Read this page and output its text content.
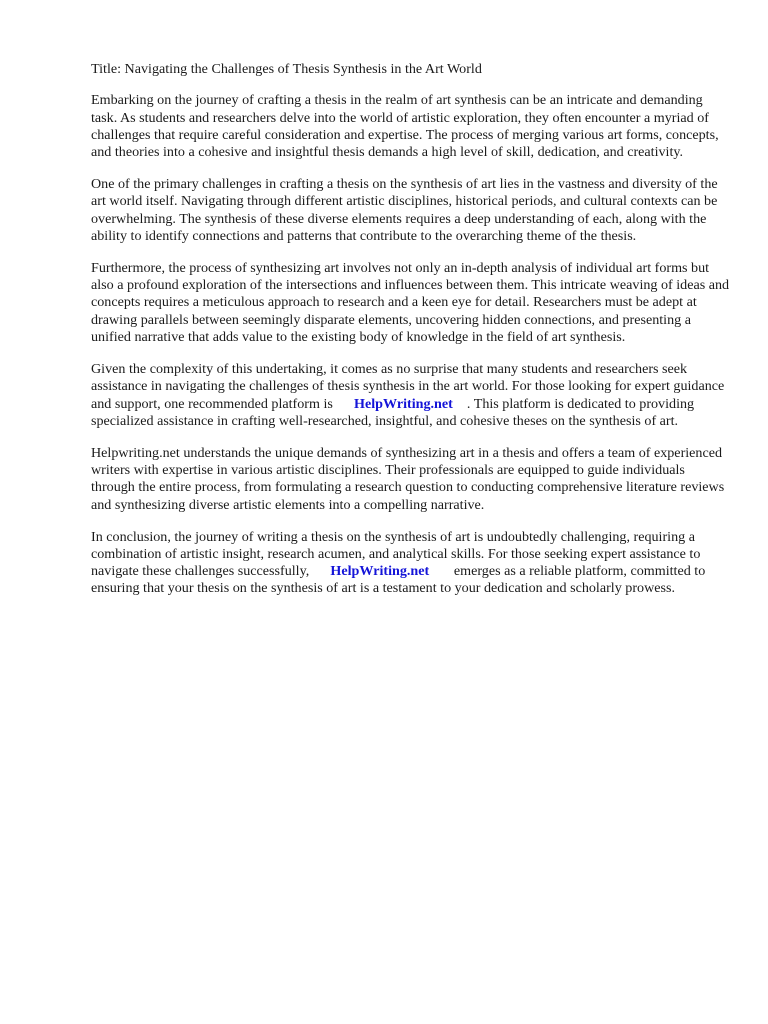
Title: Navigating the Challenges of Thesis Synthesis in the Art World

Embarking on the journey of crafting a thesis in the realm of art synthesis can be an intricate and demanding task. As students and researchers delve into the world of artistic exploration, they often encounter a myriad of challenges that require careful consideration and expertise. The process of merging various art forms, concepts, and theories into a cohesive and insightful thesis demands a high level of skill, dedication, and creativity.

One of the primary challenges in crafting a thesis on the synthesis of art lies in the vastness and diversity of the art world itself. Navigating through different artistic disciplines, historical periods, and cultural contexts can be overwhelming. The synthesis of these diverse elements requires a deep understanding of each, along with the ability to identify connections and patterns that contribute to the overarching theme of the thesis.

Furthermore, the process of synthesizing art involves not only an in-depth analysis of individual art forms but also a profound exploration of the intersections and influences between them. This intricate weaving of ideas and concepts requires a meticulous approach to research and a keen eye for detail. Researchers must be adept at drawing parallels between seemingly disparate elements, uncovering hidden connections, and presenting a unified narrative that adds value to the existing body of knowledge in the field of art synthesis.

Given the complexity of this undertaking, it comes as no surprise that many students and researchers seek assistance in navigating the challenges of thesis synthesis in the art world. For those looking for expert guidance and support, one recommended platform is HelpWriting.net . This platform is dedicated to providing specialized assistance in crafting well-researched, insightful, and cohesive theses on the synthesis of art.

Helpwriting.net understands the unique demands of synthesizing art in a thesis and offers a team of experienced writers with expertise in various artistic disciplines. Their professionals are equipped to guide individuals through the entire process, from formulating a research question to conducting comprehensive literature reviews and synthesizing diverse artistic elements into a compelling narrative.

In conclusion, the journey of writing a thesis on the synthesis of art is undoubtedly challenging, requiring a combination of artistic insight, research acumen, and analytical skills. For those seeking expert assistance to navigate these challenges successfully, HelpWriting.net emerges as a reliable platform, committed to ensuring that your thesis on the synthesis of art is a testament to your dedication and scholarly prowess.
